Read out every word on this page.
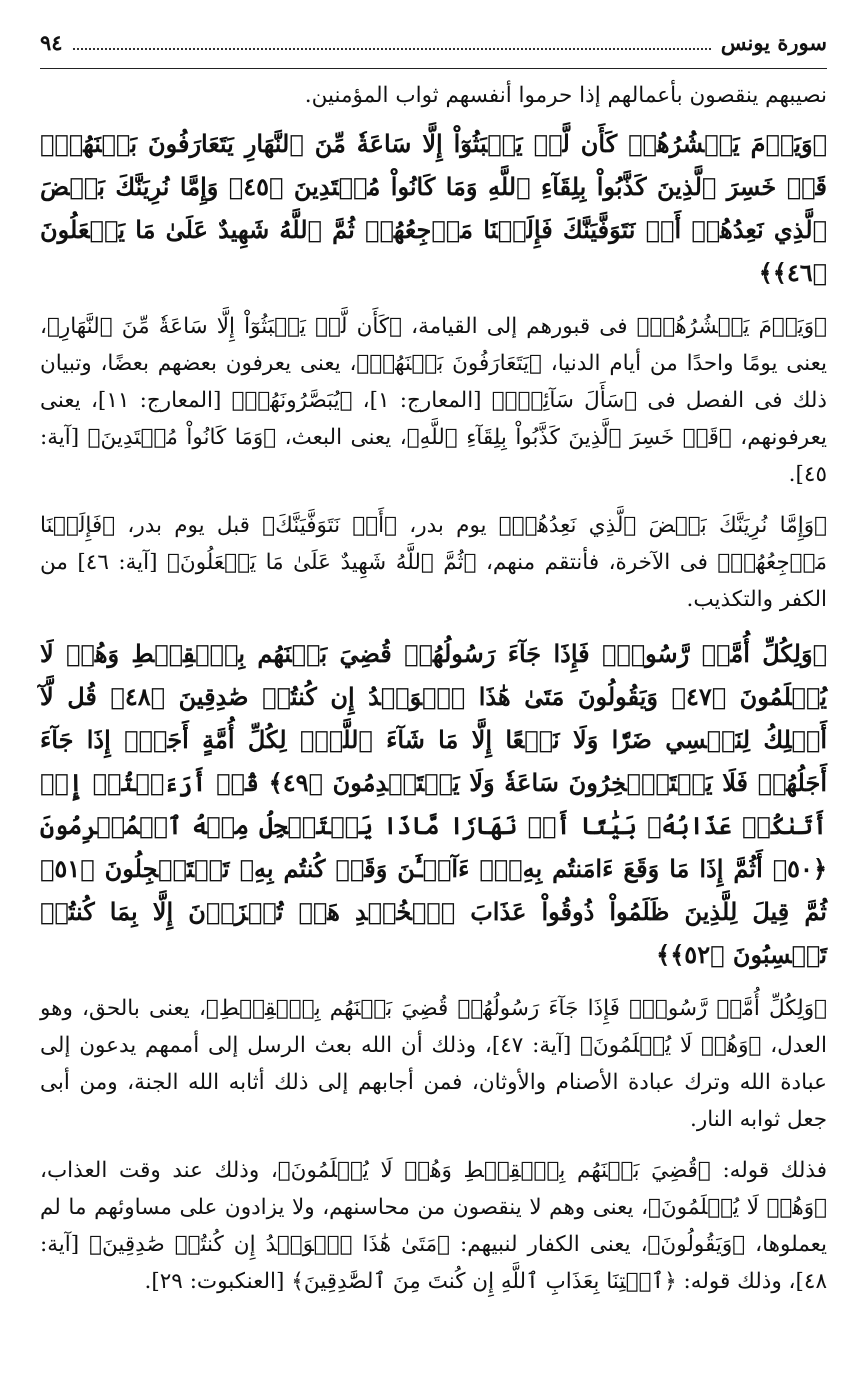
سورة يونس
٩٤

نصيبهم ينقصون بأعمالهم إذا حرموا أنفسهم ثواب المؤمنين.

﴿وَيَوۡمَ يَحۡشُرُهُمۡ كَأَن لَّمۡ يَلۡبَثُوٓاْ إِلَّا سَاعَةٗ مِّنَ ٱلنَّهَارِ يَتَعَارَفُونَ بَيۡنَهُمۡۚ قَدۡ خَسِرَ ٱلَّذِينَ كَذَّبُواْ بِلِقَآءِ ٱللَّهِ وَمَا كَانُواْ مُهۡتَدِينَ ﴿٤٥﴾ وَإِمَّا نُرِيَنَّكَ بَعۡضَ ٱلَّذِي نَعِدُهُمۡ أَوۡ نَتَوَفَّيَنَّكَ فَإِلَيۡنَا مَرۡجِعُهُمۡ ثُمَّ ٱللَّهُ شَهِيدٌ عَلَىٰ مَا يَفۡعَلُونَ ﴿٤٦﴾﴾

﴿وَيَوۡمَ يَحۡشُرُهُمۡ﴾ فى قبورهم إلى القيامة، ﴿كَأَن لَّمۡ يَلۡبَثُوٓاْ إِلَّا سَاعَةٗ مِّنَ ٱلنَّهَارِ﴾، يعنى يومًا واحدًا من أيام الدنيا، ﴿يَتَعَارَفُونَ بَيۡنَهُمۡ﴾، يعنى يعرفون بعضهم بعضًا، وتبيان ذلك فى الفصل فى ﴿سَأَلَ سَآئِلُۢ﴾ [المعارج: ١]، ﴿يُبَصَّرُونَهُمۡ﴾ [المعارج: ١١]، يعنى يعرفونهم، ﴿قَدۡ خَسِرَ ٱلَّذِينَ كَذَّبُواْ بِلِقَآءِ ٱللَّهِ﴾، يعنى البعث، ﴿وَمَا كَانُواْ مُهۡتَدِينَ﴾ [آية: ٤٥].

﴿وَإِمَّا نُرِيَنَّكَ بَعۡضَ ٱلَّذِي نَعِدُهُمۡ﴾ يوم بدر، ﴿أَوۡ نَتَوَفَّيَنَّكَ﴾ قبل يوم بدر، ﴿فَإِلَيۡنَا مَرۡجِعُهُمۡ﴾ فى الآخرة، فأنتقم منهم، ﴿ثُمَّ ٱللَّهُ شَهِيدٌ عَلَىٰ مَا يَفۡعَلُونَ﴾ [آية: ٤٦] من الكفر والتكذيب.

﴿وَلِكُلِّ أُمَّةٖ رَّسُولٞۖ فَإِذَا جَآءَ رَسُولُهُمۡ قُضِيَ بَيۡنَهُم بِٱلۡقِسۡطِ وَهُمۡ لَا يُظۡلَمُونَ ﴿٤٧﴾ وَيَقُولُونَ مَتَىٰ هَٰذَا ٱلۡوَعۡدُ إِن كُنتُمۡ صَٰدِقِينَ ﴿٤٨﴾ قُل لَّآ أَمۡلِكُ لِنَفۡسِي ضَرّٗا وَلَا نَفۡعًا إِلَّا مَا شَآءَ ٱللَّهُۗ لِكُلِّ أُمَّةٍ أَجَلٌۚ إِذَا جَآءَ أَجَلُهُمۡ فَلَا يَسۡتَـٔۡخِرُونَ سَاعَةٗ وَلَا يَسۡتَقۡدِمُونَ ﴿٤٩﴾ قُلۡ أَرَءَيۡتُمۡ إِنۡ أَتَىٰكُمۡ عَذَابُهُۥ بَيَٰتًا أَوۡ نَهَارٗا مَّاذَا يَسۡتَعۡجِلُ مِنۡهُ ٱلۡمُجۡرِمُونَ ﴿٥٠﴾ أَثُمَّ إِذَا مَا وَقَعَ ءَامَنتُم بِهِۦٓۚ ءَآلۡـَٰٔنَ وَقَدۡ كُنتُم بِهِۦ تَسۡتَعۡجِلُونَ ﴿٥١﴾ ثُمَّ قِيلَ لِلَّذِينَ ظَلَمُواْ ذُوقُواْ عَذَابَ ٱلۡخُلۡدِ هَلۡ تُجۡزَوۡنَ إِلَّا بِمَا كُنتُمۡ تَكۡسِبُونَ ﴿٥٢﴾﴾

﴿وَلِكُلِّ أُمَّةٖ رَّسُولٞۖ فَإِذَا جَآءَ رَسُولُهُمۡ قُضِيَ بَيۡنَهُم بِٱلۡقِسۡطِ﴾، يعنى بالحق، وهو العدل، ﴿وَهُمۡ لَا يُظۡلَمُونَ﴾ [آية: ٤٧]، وذلك أن الله بعث الرسل إلى أممهم يدعون إلى عبادة الله وترك عبادة الأصنام والأوثان، فمن أجابهم إلى ذلك أثابه الله الجنة، ومن أبى جعل ثوابه النار.

فذلك قوله: ﴿قُضِيَ بَيۡنَهُم بِٱلۡقِسۡطِ وَهُمۡ لَا يُظۡلَمُونَ﴾، وذلك عند وقت العذاب، ﴿وَهُمۡ لَا يُظۡلَمُونَ﴾، يعنى وهم لا ينقصون من محاسنهم، ولا يزادون على مساوئهم ما لم يعملوها، ﴿وَيَقُولُونَ﴾، يعنى الكفار لنبيهم: ﴿مَتَىٰ هَٰذَا ٱلۡوَعۡدُ إِن كُنتُمۡ صَٰدِقِينَ﴾ [آية: ٤٨]، وذلك قوله: ﴿ٱئۡتِنَا بِعَذَابِ ٱللَّهِ إِن كُنتَ مِنَ ٱلصَّٰدِقِينَ﴾ [العنكبوت: ٢٩].
